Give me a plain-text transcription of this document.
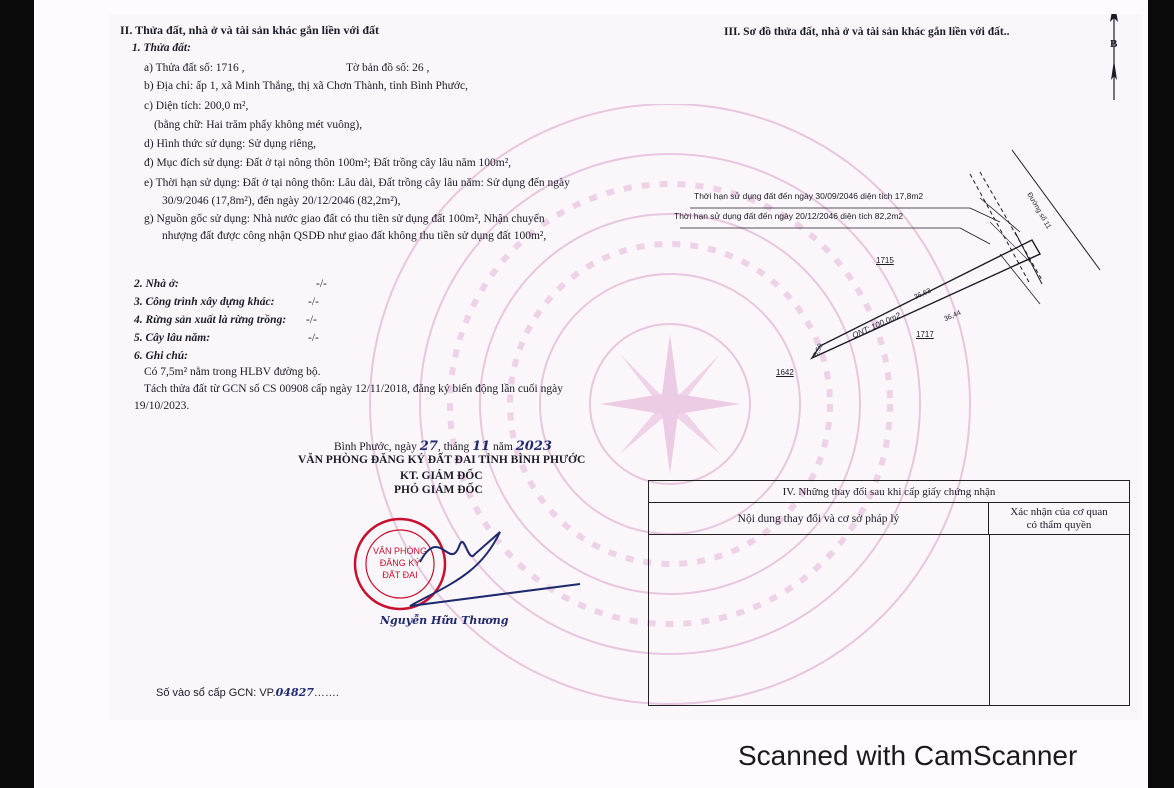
II. Thửa đất, nhà ở và tài sản khác gắn liền với đất
1. Thửa đất:
a) Thửa đất số: 1716 ,	Tờ bản đồ số: 26 ,
b) Địa chỉ: ấp 1, xã Minh Thắng, thị xã Chơn Thành, tỉnh Bình Phước,
c) Diện tích: 200,0 m²,
(bằng chữ: Hai trăm phẩy không mét vuông),
d) Hình thức sử dụng: Sử dụng riêng,
đ) Mục đích sử dụng: Đất ở tại nông thôn 100m²; Đất trồng cây lâu năm 100m²,
e) Thời hạn sử dụng: Đất ở tại nông thôn: Lâu dài, Đất trồng cây lâu năm: Sử dụng đến ngày
30/9/2046 (17,8m²), đến ngày 20/12/2046 (82,2m²),
g) Nguồn gốc sử dụng: Nhà nước giao đất có thu tiền sử dụng đất 100m², Nhận chuyển
nhượng đất được công nhận QSDĐ như giao đất không thu tiền sử dụng đất 100m²,
2. Nhà ở:	-/-
3. Công trình xây dựng khác:	-/-
4. Rừng sản xuất là rừng trồng: -/-
5. Cây lâu năm:	-/-
6. Ghi chú:
Có 7,5m² nằm trong HLBV đường bộ.
Tách thửa đất từ GCN số CS 00908 cấp ngày 12/11/2018, đăng ký biến động lần cuối ngày
19/10/2023.
Bình Phước, ngày 27, tháng 11 năm 2023
VĂN PHÒNG ĐĂNG KÝ ĐẤT ĐAI TỈNH BÌNH PHƯỚC
KT. GIÁM ĐỐC
PHÓ GIÁM ĐỐC
VĂN PHÒNG
ĐĂNG KÝ
ĐẤT ĐAI
Nguyễn Hữu Thương
Số vào sổ cấp GCN: VP.04827…….
III. Sơ đồ thửa đất, nhà ở và tài sản khác gắn liền với đất..
B
Thời hạn sử dụng đất đến ngày 30/09/2046 diện tích 17,8m2
Thời hạn sử dụng đất đến ngày 20/12/2046 diện tích 82,2m2	Đường số 11
1715
1717
1642
ONT: 100,0m2
36,63
36,44
5,50
IV. Những thay đổi sau khi cấp giấy chứng nhận
Nội dung thay đổi và cơ sở pháp lý
Xác nhận của cơ quan
có thẩm quyền
Scanned with CamScanner
